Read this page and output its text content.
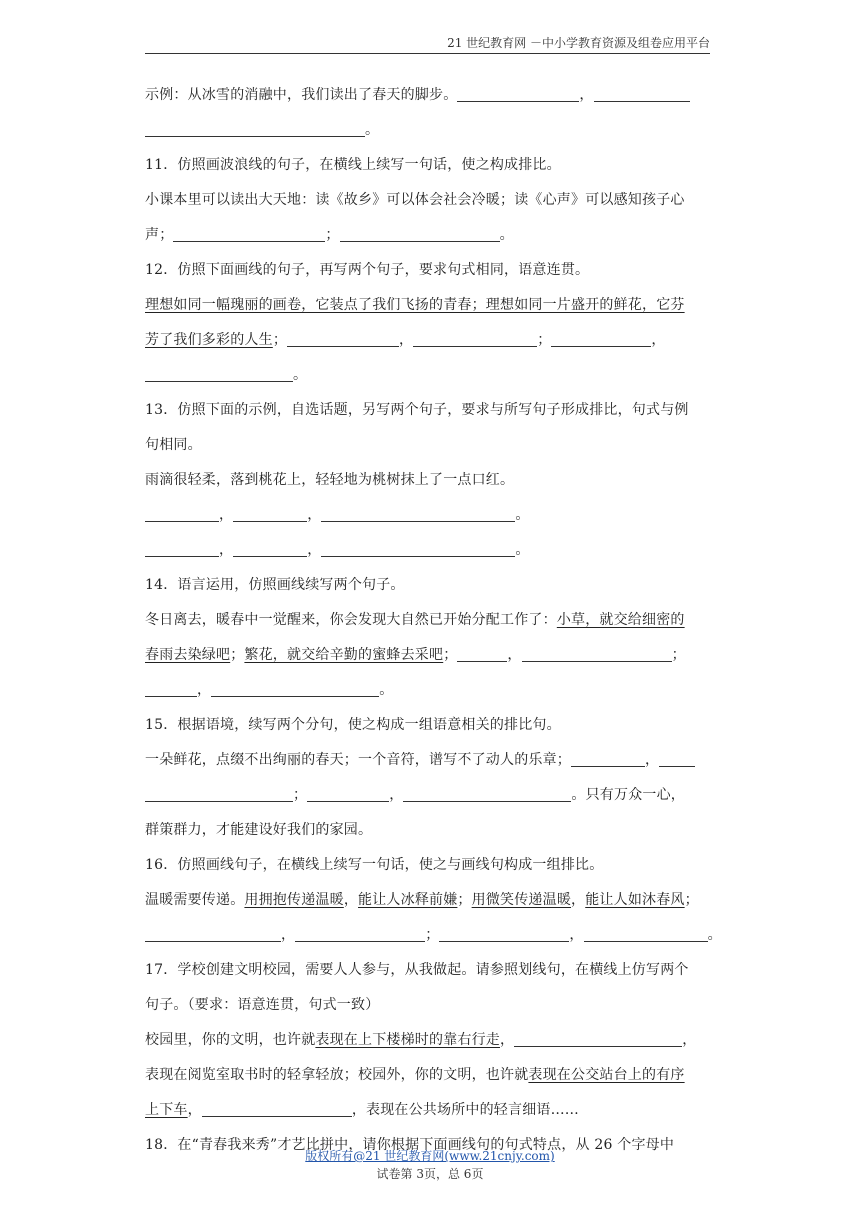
21 世纪教育网 －中小学教育资源及组卷应用平台
示例：从冰雪的消融中，我们读出了春天的脚步。	，
。
11．仿照画波浪线的句子，在横线上续写一句话，使之构成排比。
小课本里可以读出大天地：读《故乡》可以体会社会冷暖；读《心声》可以感知孩子心
声；	；	。
12．仿照下面画线的句子，再写两个句子，要求句式相同，语意连贯。
理想如同一幅瑰丽的画卷，它装点了我们飞扬的青春；理想如同一片盛开的鲜花，它芬
芳了我们多彩的人生；	，	；	，
。
13．仿照下面的示例，自选话题，另写两个句子，要求与所写句子形成排比，句式与例
句相同。
雨滴很轻柔，落到桃花上，轻轻地为桃树抹上了一点口红。
，	，	。
，	，	。
14．语言运用，仿照画线续写两个句子。
冬日离去，暖春中一觉醒来，你会发现大自然已开始分配工作了：小草，就交给细密的
春雨去染绿吧；繁花，就交给辛勤的蜜蜂去采吧；	，	；
，	。
15．根据语境，续写两个分句，使之构成一组语意相关的排比句。
一朵鲜花，点缀不出绚丽的春天；一个音符，谱写不了动人的乐章；	，
；	，	。只有万众一心，
群策群力，才能建设好我们的家园。
16．仿照画线句子，在横线上续写一句话，使之与画线句构成一组排比。
温暖需要传递。用拥抱传递温暖，能让人冰释前嫌；用微笑传递温暖，能让人如沐春风；
，	；	，	。
17．学校创建文明校园，需要人人参与，从我做起。请参照划线句，在横线上仿写两个
句子。（要求：语意连贯，句式一致）
校园里，你的文明，也许就表现在上下楼梯时的靠右行走，	，
表现在阅览室取书时的轻拿轻放；校园外，你的文明，也许就表现在公交站台上的有序
上下车，	，表现在公共场所中的轻言细语……
18．在“青春我来秀”才艺比拼中，请你根据下面画线句的句式特点，从 26 个字母中
版权所有@21 世纪教育网(www.21cnjy.com)
试卷第 3页，总 6页
